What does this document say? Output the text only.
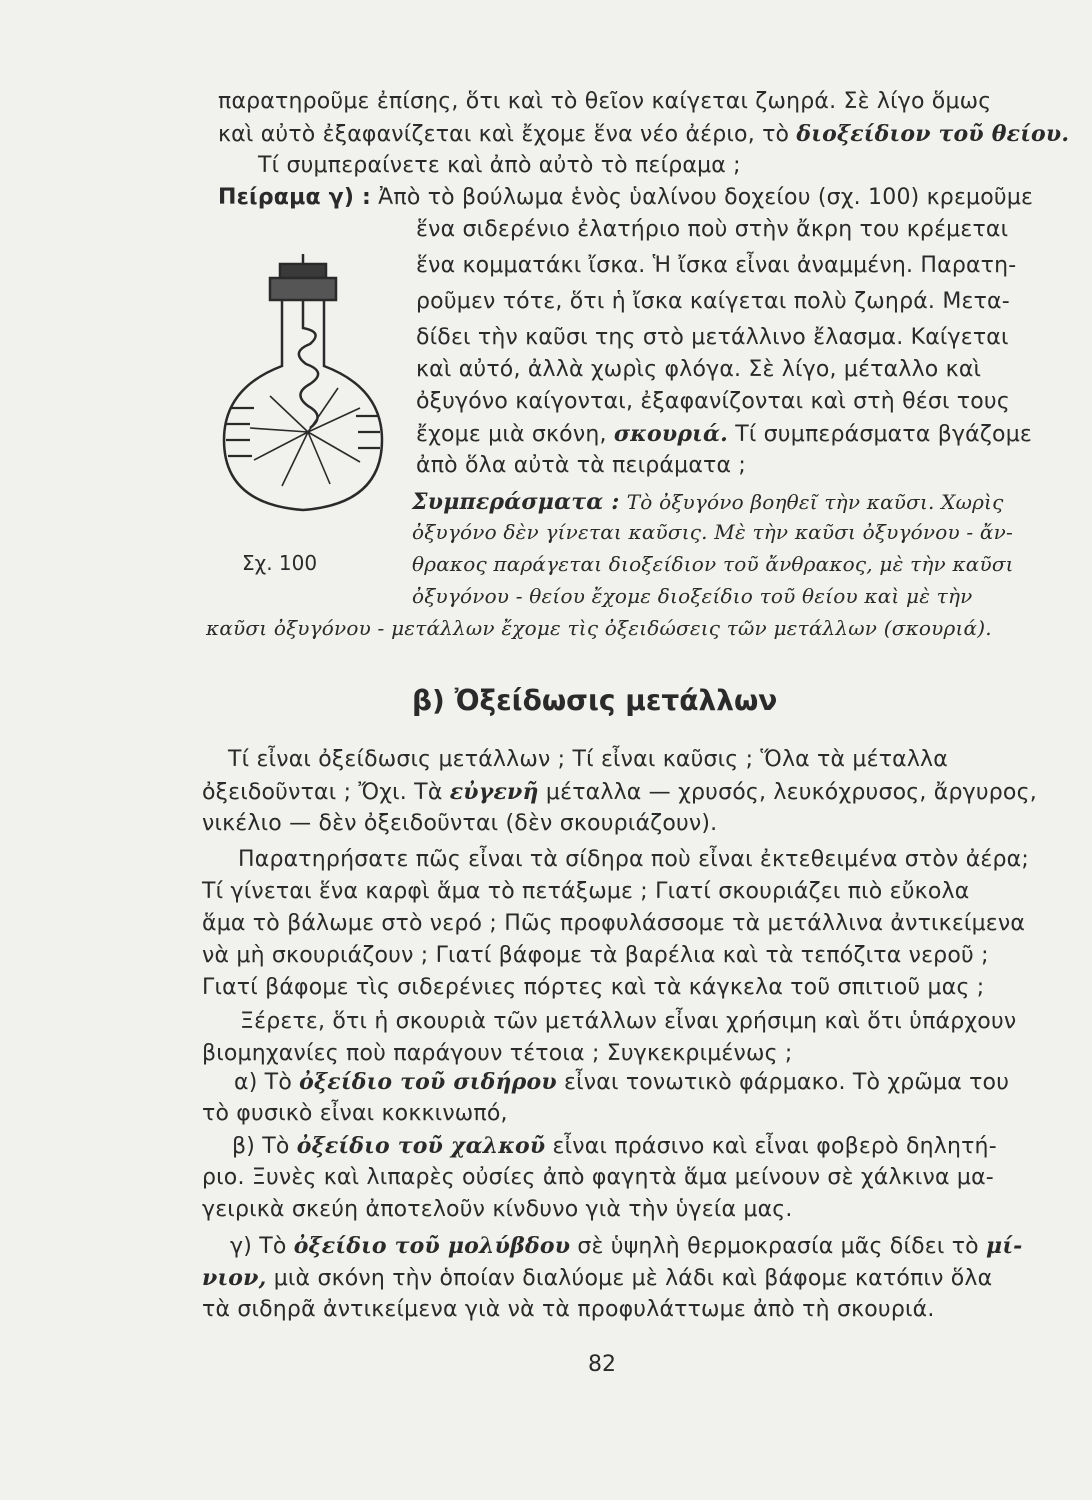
παρατηροῦμε ἐπίσης, ὅτι καὶ τὸ θεῖον καίγεται ζωηρά. Σὲ λίγο ὅμως
καὶ αὐτὸ ἐξαφανίζεται καὶ ἔχομε ἕνα νέο ἀέριο, τὸ διοξείδιον τοῦ θείου.
Τί συμπεραίνετε καὶ ἀπὸ αὐτὸ τὸ πείραμα ;
Πείραμα γ) : Ἀπὸ τὸ βούλωμα ἑνὸς ὑαλίνου δοχείου (σχ. 100) κρεμοῦμε
ἕνα σιδερένιο ἐλατήριο ποὺ στὴν ἄκρη του κρέμεται
ἕνα κομματάκι ἴσκα. Ἡ ἴσκα εἶναι ἀναμμένη. Παρατη-
ροῦμεν τότε, ὅτι ἡ ἴσκα καίγεται πολὺ ζωηρά. Μετα-
δίδει τὴν καῦσι της στὸ μετάλλινο ἔλασμα. Καίγεται
καὶ αὐτό, ἀλλὰ χωρὶς φλόγα. Σὲ λίγο, μέταλλο καὶ
ὀξυγόνο καίγονται, ἐξαφανίζονται καὶ στὴ θέσι τους
ἔχομε μιὰ σκόνη, σκουριά. Τί συμπεράσματα βγάζομε
ἀπὸ ὅλα αὐτὰ τὰ πειράματα ;
Συμπεράσματα : Τὸ ὀξυγόνο βοηθεῖ τὴν καῦσι. Χωρὶς
ὀξυγόνο δὲν γίνεται καῦσις. Μὲ τὴν καῦσι ὀξυγόνου - ἄν-
θρακος παράγεται διοξείδιον τοῦ ἄνθρακος, μὲ τὴν καῦσι
ὀξυγόνου - θείου ἔχομε διοξείδιο τοῦ θείου καὶ μὲ τὴν
καῦσι ὀξυγόνου - μετάλλων ἔχομε τὶς ὀξειδώσεις τῶν μετάλλων (σκουριά).
Σχ. 100
β) Ὀξείδωσις μετάλλων
Τί εἶναι ὀξείδωσις μετάλλων ; Τί εἶναι καῦσις ; Ὅλα τὰ μέταλλα
ὀξειδοῦνται ; Ὄχι. Τὰ εὐγενῆ μέταλλα — χρυσός, λευκόχρυσος, ἄργυρος,
νικέλιο — δὲν ὀξειδοῦνται (δὲν σκουριάζουν).
Παρατηρήσατε πῶς εἶναι τὰ σίδηρα ποὺ εἶναι ἐκτεθειμένα στὸν ἀέρα;
Τί γίνεται ἕνα καρφὶ ἅμα τὸ πετάξωμε ; Γιατί σκουριάζει πιὸ εὔκολα
ἅμα τὸ βάλωμε στὸ νερό ; Πῶς προφυλάσσομε τὰ μετάλλινα ἀντικείμενα
νὰ μὴ σκουριάζουν ; Γιατί βάφομε τὰ βαρέλια καὶ τὰ τεπόζιτα νεροῦ ;
Γιατί βάφομε τὶς σιδερένιες πόρτες καὶ τὰ κάγκελα τοῦ σπιτιοῦ μας ;
Ξέρετε, ὅτι ἡ σκουριὰ τῶν μετάλλων εἶναι χρήσιμη καὶ ὅτι ὑπάρχουν
βιομηχανίες ποὺ παράγουν τέτοια ; Συγκεκριμένως ;
α) Τὸ ὀξείδιο τοῦ σιδήρου εἶναι τονωτικὸ φάρμακο. Τὸ χρῶμα του
τὸ φυσικὸ εἶναι κοκκινωπό,
β) Τὸ ὀξείδιο τοῦ χαλκοῦ εἶναι πράσινο καὶ εἶναι φοβερὸ δηλητή-
ριο. Ξυνὲς καὶ λιπαρὲς οὐσίες ἀπὸ φαγητὰ ἅμα μείνουν σὲ χάλκινα μα-
γειρικὰ σκεύη ἀποτελοῦν κίνδυνο γιὰ τὴν ὑγεία μας.
γ) Τὸ ὀξείδιο τοῦ μολύβδου σὲ ὑψηλὴ θερμοκρασία μᾶς δίδει τὸ μί-
νιον, μιὰ σκόνη τὴν ὁποίαν διαλύομε μὲ λάδι καὶ βάφομε κατόπιν ὅλα
τὰ σιδηρᾶ ἀντικείμενα γιὰ νὰ τὰ προφυλάττωμε ἀπὸ τὴ σκουριά.
82
